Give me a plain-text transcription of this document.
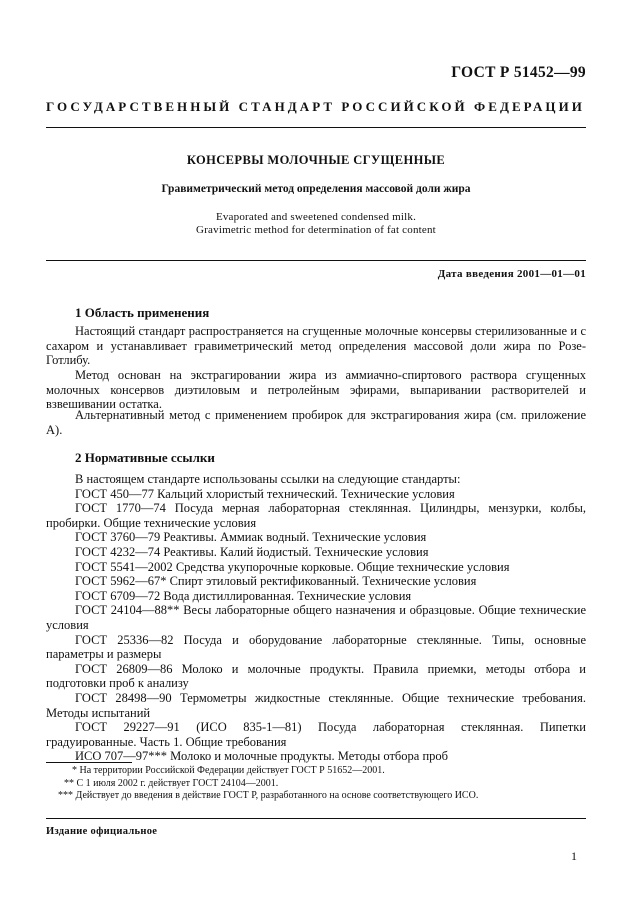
ГОСТ Р 51452—99
ГОСУДАРСТВЕННЫЙ СТАНДАРТ РОССИЙСКОЙ ФЕДЕРАЦИИ
КОНСЕРВЫ МОЛОЧНЫЕ СГУЩЕННЫЕ
Гравиметрический метод определения массовой доли жира
Evaporated and sweetened condensed milk.
Gravimetric method for determination of fat content
Дата введения 2001—01—01
1 Область применения

Настоящий стандарт распространяется на сгущенные молочные консервы стерилизованные и с сахаром и устанавливает гравиметрический метод определения массовой доли жира по Розе-Готлибу.

Метод основан на экстрагировании жира из аммиачно-спиртового раствора сгущенных молочных консервов диэтиловым и петролейным эфирами, выпаривании растворителей и взвешивании остатка.

Альтернативный метод с применением пробирок для экстрагирования жира (см. приложение А).

2 Нормативные ссылки

В настоящем стандарте использованы ссылки на следующие стандарты:

ГОСТ 450—77 Кальций хлористый технический. Технические условия

ГОСТ 1770—74 Посуда мерная лабораторная стеклянная. Цилиндры, мензурки, колбы, пробирки. Общие технические условия

ГОСТ 3760—79 Реактивы. Аммиак водный. Технические условия

ГОСТ 4232—74 Реактивы. Калий йодистый. Технические условия

ГОСТ 5541—2002 Средства укупорочные корковые. Общие технические условия

ГОСТ 5962—67* Спирт этиловый ректификованный. Технические условия

ГОСТ 6709—72 Вода дистиллированная. Технические условия

ГОСТ 24104—88** Весы лабораторные общего назначения и образцовые. Общие технические условия

ГОСТ 25336—82 Посуда и оборудование лабораторные стеклянные. Типы, основные параметры и размеры

ГОСТ 26809—86 Молоко и молочные продукты. Правила приемки, методы отбора и подготовки проб к анализу

ГОСТ 28498—90 Термометры жидкостные стеклянные. Общие технические требования. Методы испытаний

ГОСТ 29227—91 (ИСО 835-1—81) Посуда лабораторная стеклянная. Пипетки градуированные. Часть 1. Общие требования

ИСО 707—97*** Молоко и молочные продукты. Методы отбора проб

* На территории Российской Федерации действует ГОСТ Р 51652—2001.
** С 1 июля 2002 г. действует ГОСТ 24104—2001.
*** Действует до введения в действие ГОСТ Р, разработанного на основе соответствующего ИСО.
Издание официальное
1
